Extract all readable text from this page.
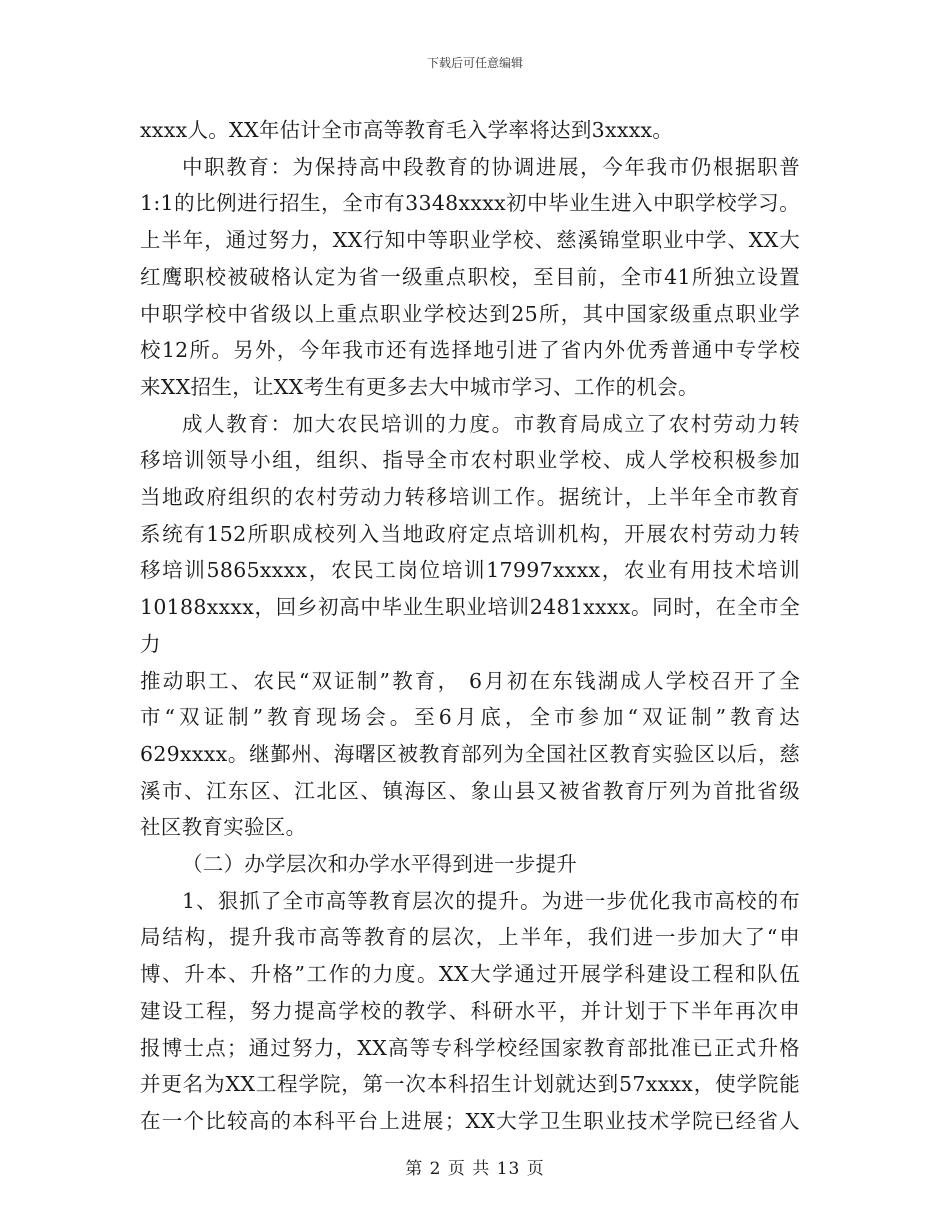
下载后可任意编辑
xxxx人。XX年估计全市高等教育毛入学率将达到3xxxx。
中职教育：为保持高中段教育的协调进展，今年我市仍根据职普
1:1的比例进行招生，全市有3348xxxx初中毕业生进入中职学校学习。
上半年，通过努力，XX行知中等职业学校、慈溪锦堂职业中学、XX大
红鹰职校被破格认定为省一级重点职校，至目前，全市41所独立设置
中职学校中省级以上重点职业学校达到25所，其中国家级重点职业学
校12所。另外，今年我市还有选择地引进了省内外优秀普通中专学校
来XX招生，让XX考生有更多去大中城市学习、工作的机会。
成人教育：加大农民培训的力度。市教育局成立了农村劳动力转
移培训领导小组，组织、指导全市农村职业学校、成人学校积极参加
当地政府组织的农村劳动力转移培训工作。据统计，上半年全市教育
系统有152所职成校列入当地政府定点培训机构，开展农村劳动力转
移培训5865xxxx，农民工岗位培训17997xxxx，农业有用技术培训
10188xxxx，回乡初高中毕业生职业培训2481xxxx。同时，在全市全力
推动职工、农民“双证制”教育， 6月初在东钱湖成人学校召开了全
市“双证制”教育现场会。至6月底，全市参加“双证制”教育达
629xxxx。继鄞州、海曙区被教育部列为全国社区教育实验区以后，慈
溪市、江东区、江北区、镇海区、象山县又被省教育厅列为首批省级
社区教育实验区。
（二）办学层次和办学水平得到进一步提升
1、狠抓了全市高等教育层次的提升。为进一步优化我市高校的布
局结构，提升我市高等教育的层次，上半年，我们进一步加大了“申
博、升本、升格”工作的力度。XX大学通过开展学科建设工程和队伍
建设工程，努力提高学校的教学、科研水平，并计划于下半年再次申
报博士点；通过努力，XX高等专科学校经国家教育部批准已正式升格
并更名为XX工程学院，第一次本科招生计划就达到57xxxx，使学院能
在一个比较高的本科平台上进展；XX大学卫生职业技术学院已经省人
第 2 页 共 13 页
